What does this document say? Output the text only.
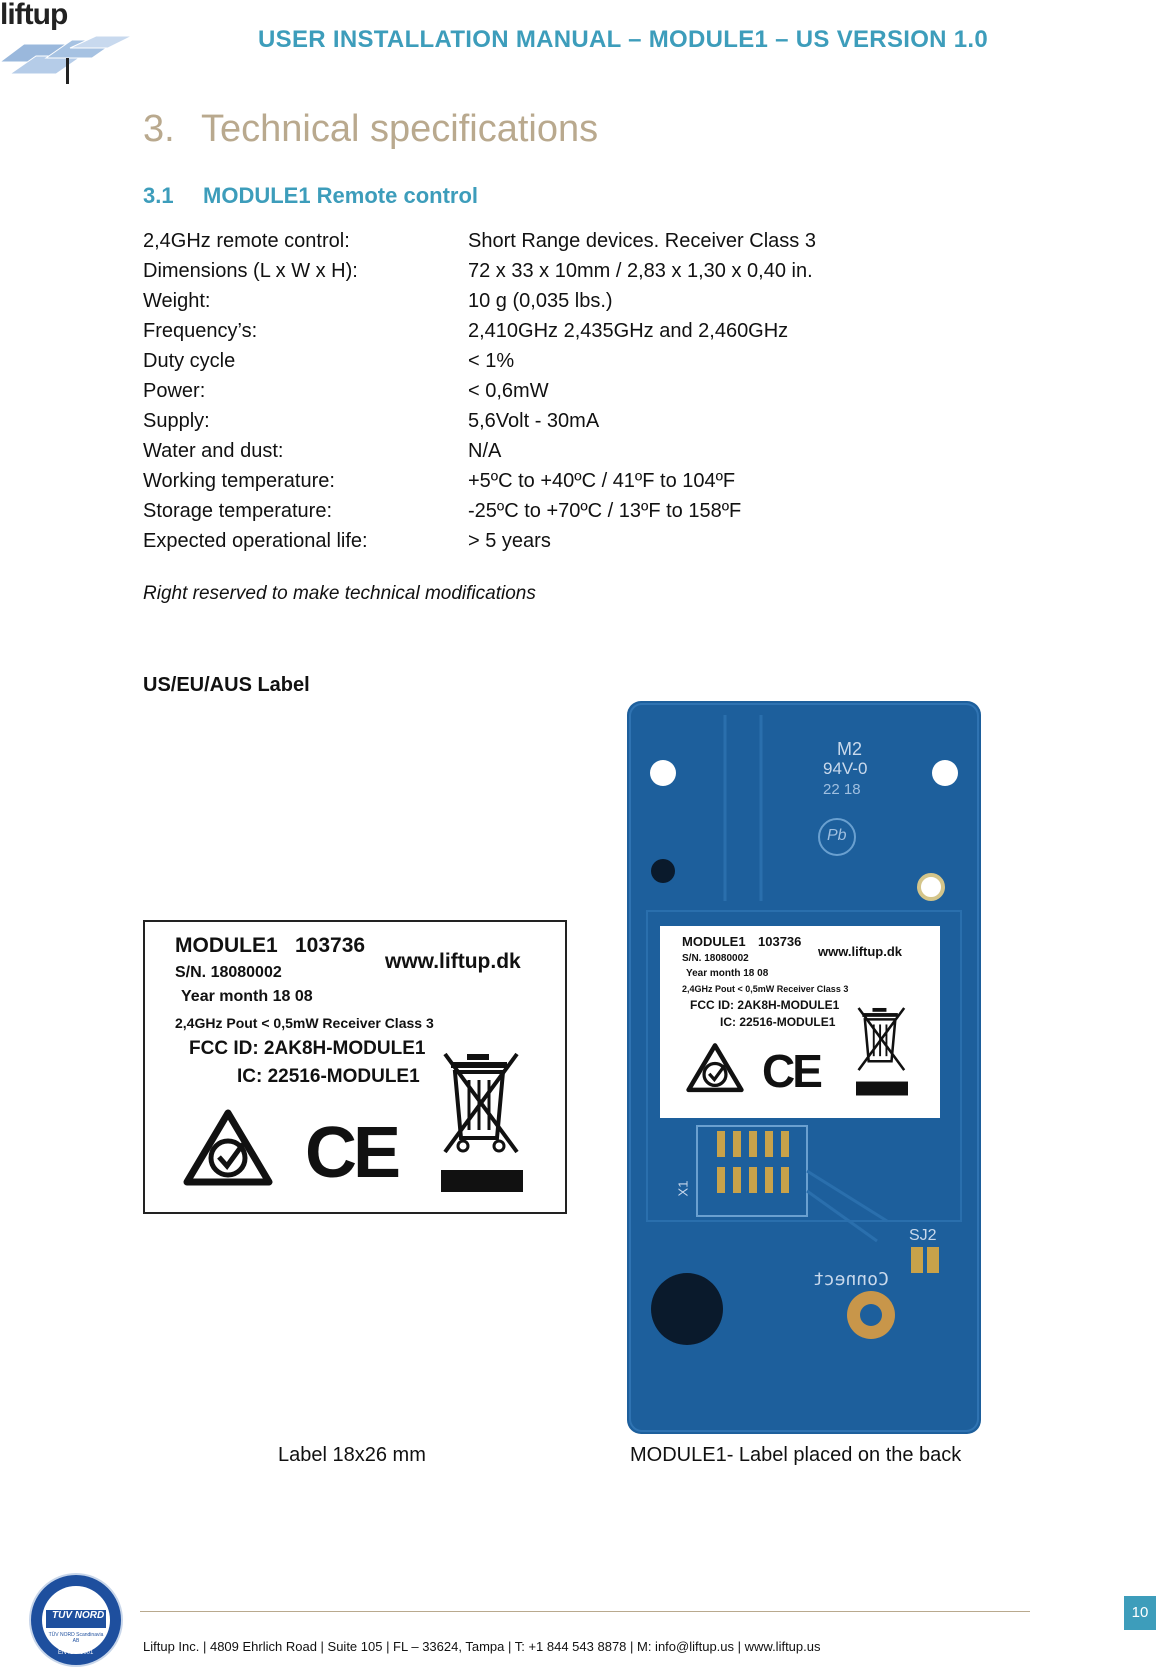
liftup
USER INSTALLATION MANUAL – MODULE1 – US VERSION 1.0
3. Technical specifications
3.1 MODULE1 Remote control
2,4GHz remote control:	Short Range devices. Receiver Class 3
Dimensions (L x W x H):	72 x 33 x 10mm / 2,83 x 1,30 x 0,40 in.
Weight:	10 g (0,035 lbs.)
Frequency’s:	2,410GHz 2,435GHz and 2,460GHz
Duty cycle	< 1%
Power:	< 0,6mW
Supply:	5,6Volt - 30mA
Water and dust:	N/A
Working temperature:	+5ºC to +40ºC / 41ºF to 104ºF
Storage temperature:	-25ºC to +70ºC / 13ºF to 158ºF
Expected operational life:	> 5 years
Right reserved to make technical modifications
US/EU/AUS Label
MODULE1 103736
www.liftup.dk
S/N. 18080002
Year month 18 08
2,4GHz Pout < 0,5mW Receiver Class 3
FCC ID: 2AK8H-MODULE1
IC: 22516-MODULE1
CE
M2
94V-0
22 18
Pb
X1
SJ2
Connect
MODULE1 103736
www.liftup.dk
S/N. 18080002
Year month 18 08
2,4GHz Pout < 0,5mW Receiver Class 3
FCC ID: 2AK8H-MODULE1
IC: 22516-MODULE1
CE
Label 18x26 mm	MODULE1- Label placed on the back
TÜV NORD
TÜV NORD Scandinavia AB
EN ISO 9001	Liftup Inc. | 4809 Ehrlich Road | Suite 105 | FL – 33624, Tampa | T: +1 844 543 8878 | M: info@liftup.us | www.liftup.us
10
